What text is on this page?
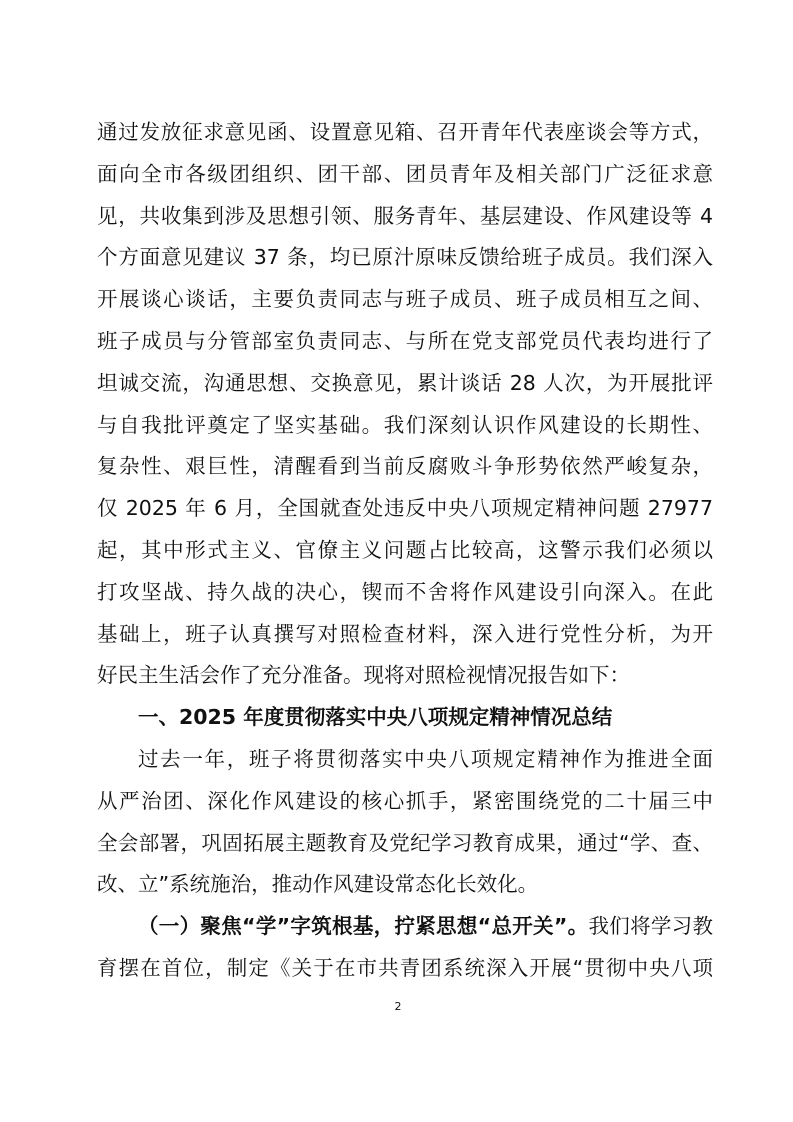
通过发放征求意见函、设置意见箱、召开青年代表座谈会等方式，
面向全市各级团组织、团干部、团员青年及相关部门广泛征求意
见，共收集到涉及思想引领、服务青年、基层建设、作风建设等 4
个方面意见建议 37 条，均已原汁原味反馈给班子成员。我们深入
开展谈心谈话，主要负责同志与班子成员、班子成员相互之间、
班子成员与分管部室负责同志、与所在党支部党员代表均进行了
坦诚交流，沟通思想、交换意见，累计谈话 28 人次，为开展批评
与自我批评奠定了坚实基础。我们深刻认识作风建设的长期性、
复杂性、艰巨性，清醒看到当前反腐败斗争形势依然严峻复杂，
仅 2025 年 6 月，全国就查处违反中央八项规定精神问题 27977
起，其中形式主义、官僚主义问题占比较高，这警示我们必须以
打攻坚战、持久战的决心，锲而不舍将作风建设引向深入。在此
基础上，班子认真撰写对照检查材料，深入进行党性分析，为开
好民主生活会作了充分准备。现将对照检视情况报告如下：
一、2025 年度贯彻落实中央八项规定精神情况总结
过去一年，班子将贯彻落实中央八项规定精神作为推进全面
从严治团、深化作风建设的核心抓手，紧密围绕党的二十届三中
全会部署，巩固拓展主题教育及党纪学习教育成果，通过“学、查、
改、立”系统施治，推动作风建设常态化长效化。
（一）聚焦“学”字筑根基，拧紧思想“总开关”。我们将学习教
育摆在首位，制定《关于在市共青团系统深入开展“贯彻中央八项
2
